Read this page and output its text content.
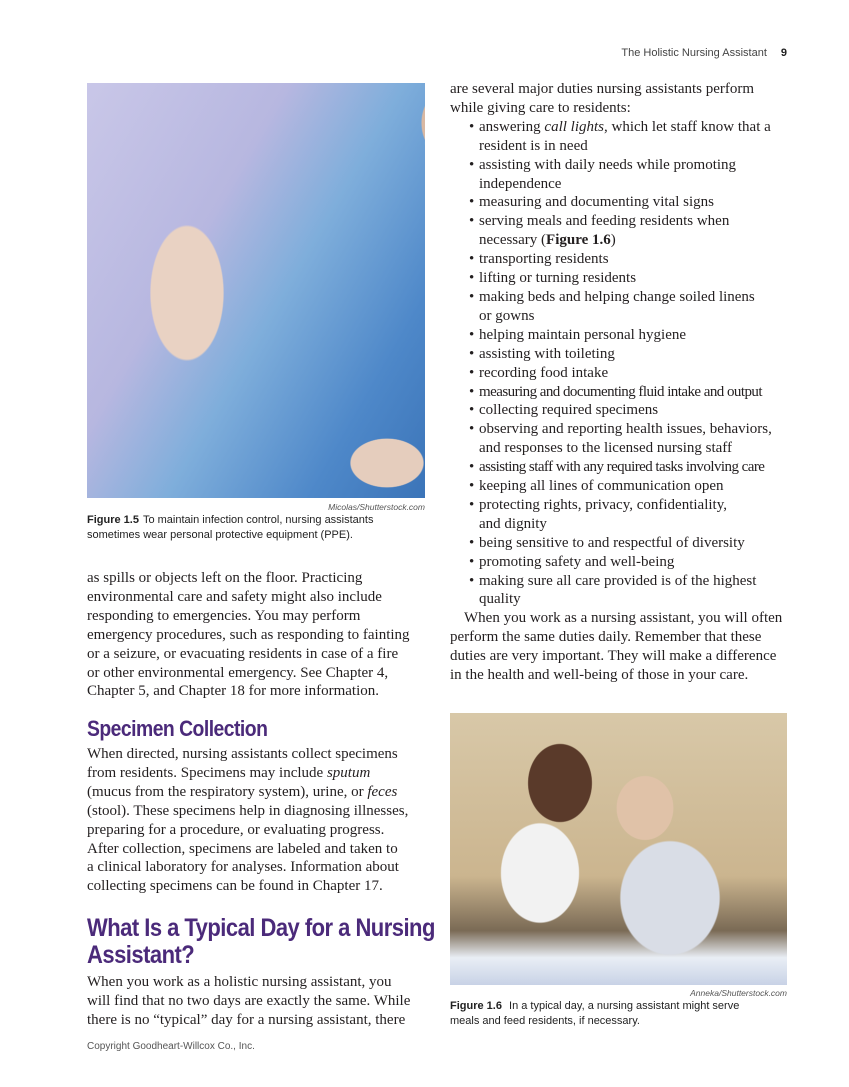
The Holistic Nursing Assistant 9
Micolas/Shutterstock.com
Figure 1.5 To maintain infection control, nursing assistants
sometimes wear personal protective equipment (PPE).
as spills or objects left on the floor. Practicing
environmental care and safety might also include
responding to emergencies. You may perform
emergency procedures, such as responding to fainting
or a seizure, or evacuating residents in case of a fire
or other environmental emergency. See Chapter 4,
Chapter 5, and Chapter 18 for more information.
Specimen Collection
When directed, nursing assistants collect specimens
from residents. Specimens may include sputum
(mucus from the respiratory system), urine, or feces
(stool). These specimens help in diagnosing illnesses,
preparing for a procedure, or evaluating progress.
After collection, specimens are labeled and taken to
a clinical laboratory for analyses. Information about
collecting specimens can be found in Chapter 17.
What Is a Typical Day for a Nursing
Assistant?
When you work as a holistic nursing assistant, you
will find that no two days are exactly the same. While
there is no “typical” day for a nursing assistant, there
are several major duties nursing assistants perform
while giving care to residents:
• answering call lights, which let staff know that a
resident is in need
• assisting with daily needs while promoting
independence
• measuring and documenting vital signs
• serving meals and feeding residents when
necessary (Figure 1.6)
• transporting residents
• lifting or turning residents
• making beds and helping change soiled linens
or gowns
• helping maintain personal hygiene
• assisting with toileting
• recording food intake
• measuring and documenting fluid intake and output
• collecting required specimens
• observing and reporting health issues, behaviors,
and responses to the licensed nursing staff
• assisting staff with any required tasks involving care
• keeping all lines of communication open
• protecting rights, privacy, confidentiality,
and dignity
• being sensitive to and respectful of diversity
• promoting safety and well-being
• making sure all care provided is of the highest
quality
When you work as a nursing assistant, you will often
perform the same duties daily. Remember that these
duties are very important. They will make a difference
in the health and well-being of those in your care.
Anneka/Shutterstock.com
Figure 1.6 In a typical day, a nursing assistant might serve
meals and feed residents, if necessary.
Copyright Goodheart-Willcox Co., Inc.
